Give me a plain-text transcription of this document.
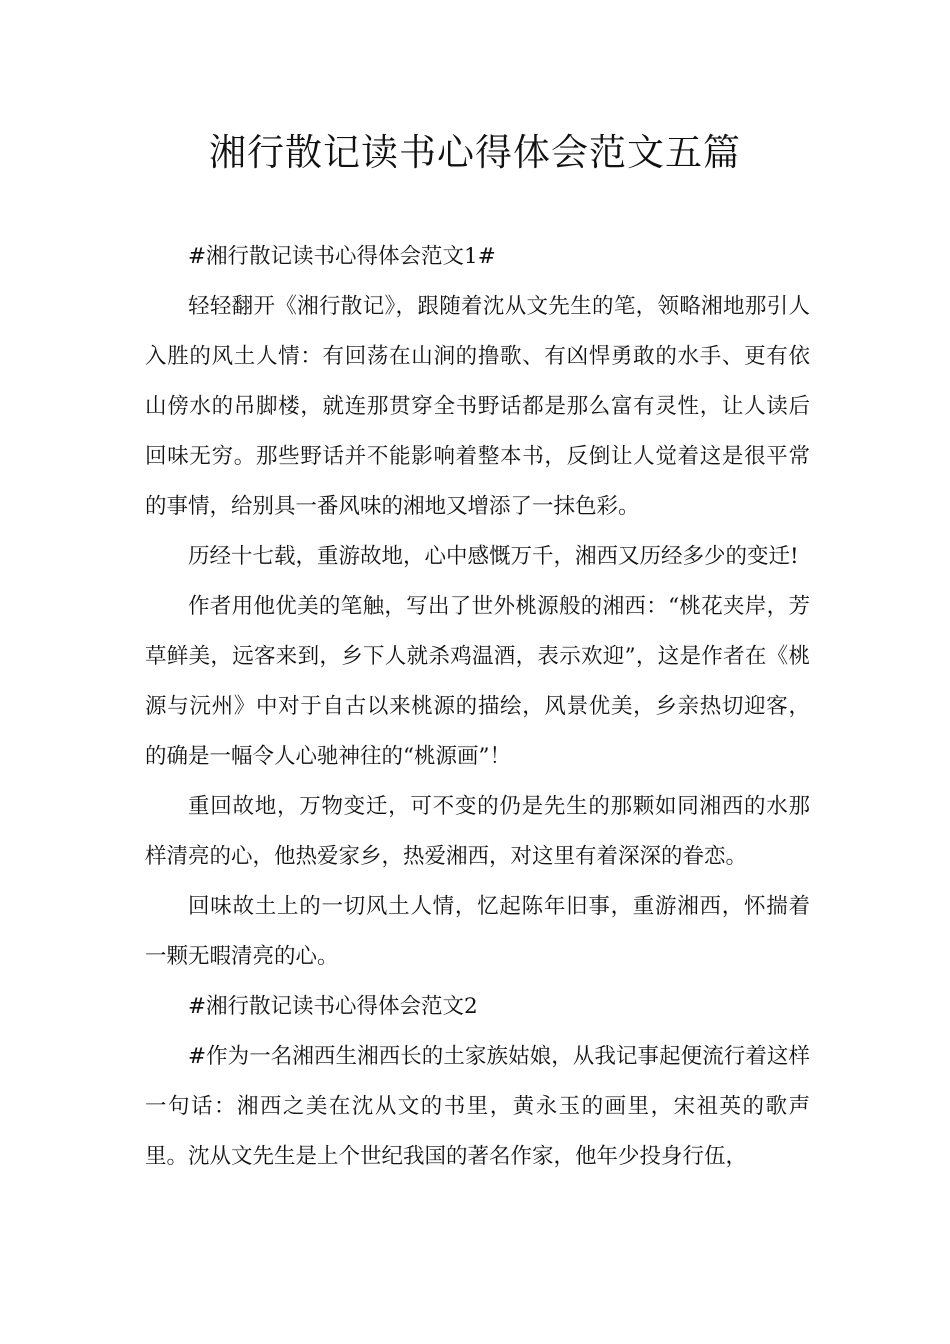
湘行散记读书心得体会范文五篇

#湘行散记读书心得体会范文1#

轻轻翻开《湘行散记》，跟随着沈从文先生的笔，领略湘地那引人入胜的风土人情：有回荡在山涧的撸歌、有凶悍勇敢的水手、更有依山傍水的吊脚楼，就连那贯穿全书野话都是那么富有灵性，让人读后回味无穷。那些野话并不能影响着整本书，反倒让人觉着这是很平常的事情，给别具一番风味的湘地又增添了一抹色彩。

历经十七载，重游故地，心中感慨万千，湘西又历经多少的变迁!

作者用他优美的笔触，写出了世外桃源般的湘西：“桃花夹岸，芳草鲜美，远客来到，乡下人就杀鸡温酒，表示欢迎”，这是作者在《桃源与沅州》中对于自古以来桃源的描绘，风景优美，乡亲热切迎客，的确是一幅令人心驰神往的“桃源画”！

重回故地，万物变迁，可不变的仍是先生的那颗如同湘西的水那样清亮的心，他热爱家乡，热爱湘西，对这里有着深深的眷恋。

回味故土上的一切风土人情，忆起陈年旧事，重游湘西，怀揣着一颗无暇清亮的心。

#湘行散记读书心得体会范文2

#作为一名湘西生湘西长的土家族姑娘，从我记事起便流行着这样一句话：湘西之美在沈从文的书里，黄永玉的画里，宋祖英的歌声里。沈从文先生是上个世纪我国的著名作家，他年少投身行伍，
